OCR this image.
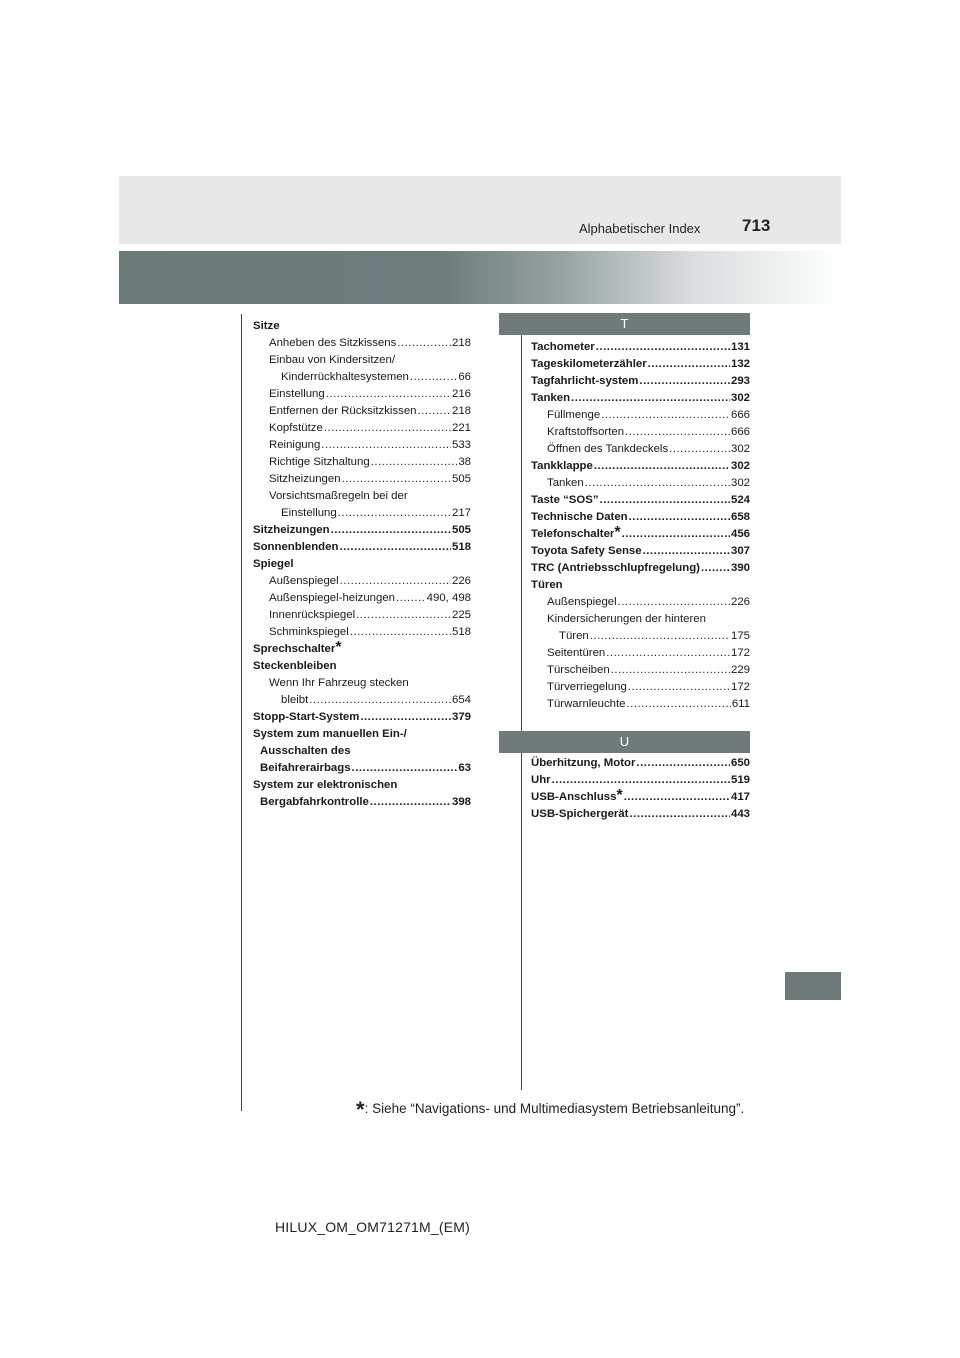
Alphabetischer Index 713
Sitze
Anheben des Sitzkissens .....	218
Einbau von Kindersitzen/
Kinderrückhaltesystemen .....	66
Einstellung .....	216
Entfernen der Rücksitzkissen .....	218
Kopfstütze .....	221
Reinigung .....	533
Richtige Sitzhaltung .....	38
Sitzheizungen .....	505
Vorsichtsmaßregeln bei der
Einstellung .....	217
Sitzheizungen .....	505
Sonnenblenden .....	518
Spiegel
Außenspiegel .....	226
Außenspiegel-heizungen .....	490, 498
Innenrückspiegel .....	225
Schminkspiegel .....	518
Sprechschalter *
Steckenbleiben
Wenn Ihr Fahrzeug stecken
bleibt .....	654
Stopp-Start-System .....	379
System zum manuellen Ein-/
Ausschalten des
Beifahrerairbags .....	63
System zur elektronischen
Bergabfahrkontrolle .....	398
T
Tachometer .....	131
Tageskilometerzähler .....	132
Tagfahrlicht-system .....	293
Tanken .....	302
Füllmenge .....	666
Kraftstoffsorten .....	666
Öffnen des Tankdeckels .....	302
Tankklappe .....	302
Tanken .....	302
Taste “SOS” .....	524
Technische Daten .....	658
Telefonschalter * .....	456
Toyota Safety Sense .....	307
TRC (Antriebsschlupfregelung) .....	390
Türen
Außenspiegel .....	226
Kindersicherungen der hinteren
Türen .....	175
Seitentüren .....	172
Türscheiben .....	229
Türverriegelung .....	172
Türwarnleuchte .....	611
U
Überhitzung, Motor .....	650
Uhr .....	519
USB-Anschluss * .....	417
USB-Spichergerät .....	443
*: Siehe “Navigations- und Multimediasystem Betriebsanleitung”.
HILUX_OM_OM71271M_(EM)
